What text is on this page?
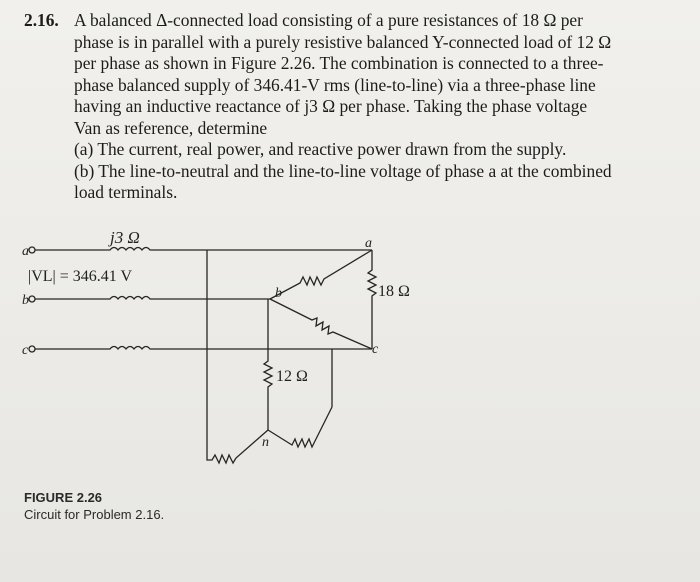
2.16. A balanced Δ-connected load consisting of a pure resistances of 18 Ω per
phase is in parallel with a purely resistive balanced Y-connected load of 12 Ω
per phase as shown in Figure 2.26. The combination is connected to a three-
phase balanced supply of 346.41-V rms (line-to-line) via a three-phase line
having an inductive reactance of j3 Ω per phase. Taking the phase voltage
Van as reference, determine
(a) The current, real power, and reactive power drawn from the supply.
(b) The line-to-neutral and the line-to-line voltage of phase a at the combined
load terminals.
j3 Ω
a
b
c
|VL| = 346.41 V
a
18 Ω
c
b
12 Ω
n
FIGURE 2.26
Circuit for Problem 2.16.
